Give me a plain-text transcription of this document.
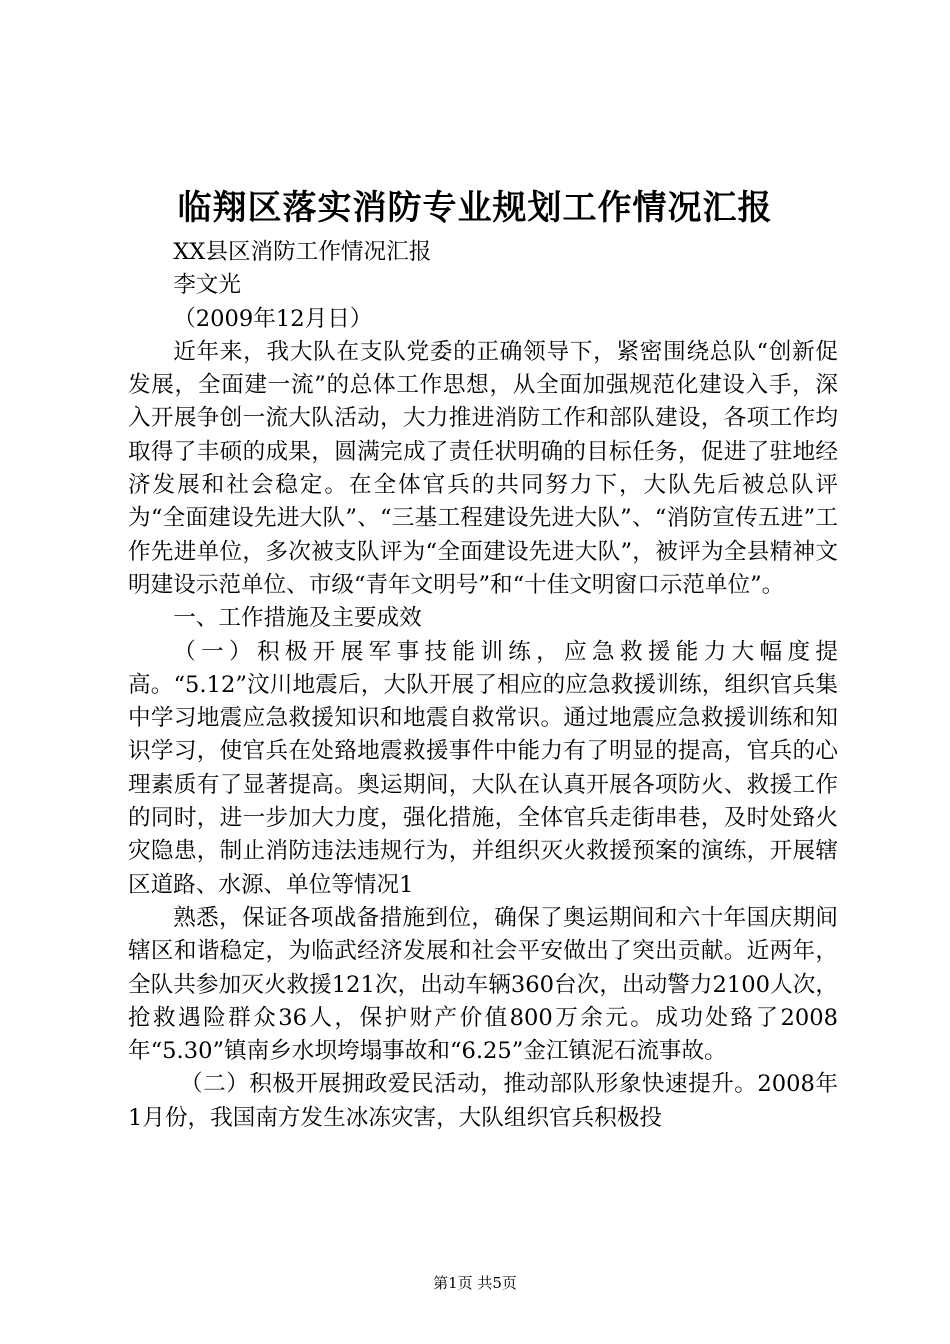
临翔区落实消防专业规划工作情况汇报

XX县区消防工作情况汇报

李文光

（2009年12月日）

近年来，我大队在支队党委的正确领导下，紧密围绕总队“创新促发展，全面建一流”的总体工作思想，从全面加强规范化建设入手，深入开展争创一流大队活动，大力推进消防工作和部队建设，各项工作均取得了丰硕的成果，圆满完成了责任状明确的目标任务，促进了驻地经济发展和社会稳定。在全体官兵的共同努力下，大队先后被总队评为“全面建设先进大队”、“三基工程建设先进大队”、“消防宣传五进”工作先进单位，多次被支队评为“全面建设先进大队”，被评为全县精神文明建设示范单位、市级“青年文明号”和“十佳文明窗口示范单位”。

一、工作措施及主要成效

（一）积极开展军事技能训练，应急救援能力大幅度提高。“5.12”汶川地震后，大队开展了相应的应急救援训练，组织官兵集中学习地震应急救援知识和地震自救常识。通过地震应急救援训练和知识学习，使官兵在处臵地震救援事件中能力有了明显的提高，官兵的心理素质有了显著提高。奥运期间，大队在认真开展各项防火、救援工作的同时，进一步加大力度，强化措施，全体官兵走街串巷，及时处臵火灾隐患，制止消防违法违规行为，并组织灭火救援预案的演练，开展辖区道路、水源、单位等情况1

熟悉，保证各项战备措施到位，确保了奥运期间和六十年国庆期间辖区和谐稳定，为临武经济发展和社会平安做出了突出贡献。近两年，全队共参加灭火救援121次，出动车辆360台次，出动警力2100人次，抢救遇险群众36人，保护财产价值800万余元。成功处臵了2008年“5.30”镇南乡水坝垮塌事故和“6.25”金江镇泥石流事故。

（二）积极开展拥政爱民活动，推动部队形象快速提升。2008年1月份，我国南方发生冰冻灾害，大队组织官兵积极投

第1页 共5页
